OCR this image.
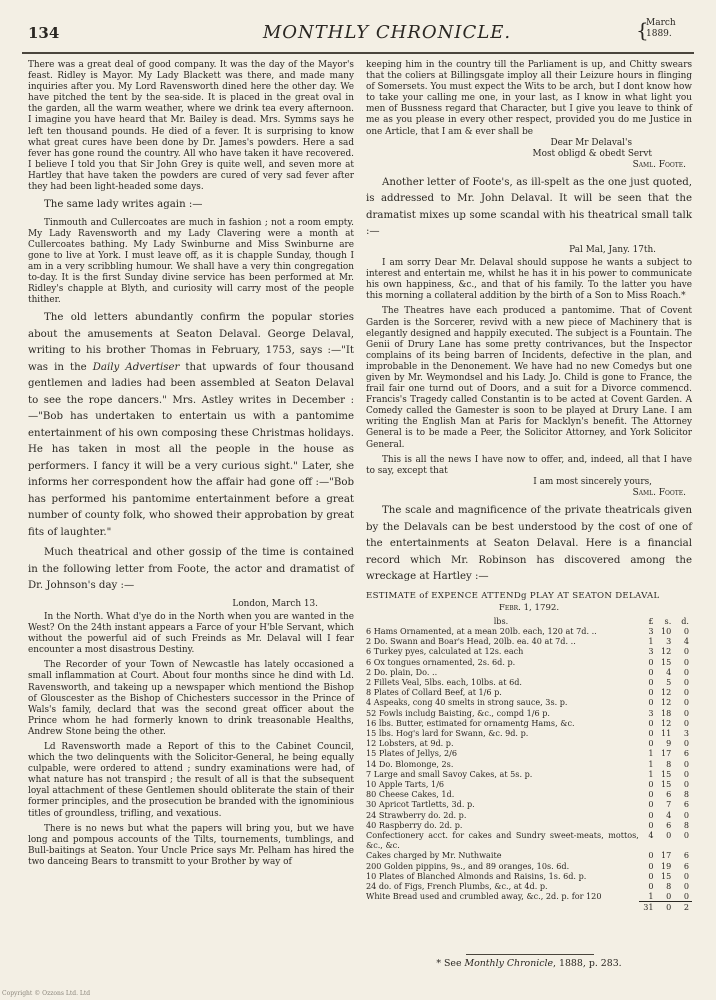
134	MONTHLY CHRONICLE.	{
March
1889.

There was a great deal of good company. It was the day of the Mayor's feast. Ridley is Mayor. My Lady Blackett was there, and made many inquiries after you. My Lord Ravensworth dined here the other day. We have pitched the tent by the sea-side. It is placed in the great oval in the garden, all the warm weather, where we drink tea every afternoon. I imagine you have heard that Mr. Bailey is dead. Mrs. Symms says he left ten thousand pounds. He died of a fever. It is surprising to know what great cures have been done by Dr. James's powders. Here a sad fever has gone round the country. All who have taken it have recovered. I believe I told you that Sir John Grey is quite well, and seven more at Hartley that have taken the powders are cured of very sad fever after they had been light-headed some days.

The same lady writes again :—

Tinmouth and Cullercoates are much in fashion ; not a room empty. My Lady Ravensworth and my Lady Clavering were a month at Cullercoates bathing. My Lady Swinburne and Miss Swinburne are gone to live at York. I must leave off, as it is chapple Sunday, though I am in a very scribbling humour. We shall have a very thin congregation to-day. It is the first Sunday divine service has been performed at Mr. Ridley's chapple at Blyth, and curiosity will carry most of the people thither.

The old letters abundantly confirm the popular stories about the amusements at Seaton Delaval. George Delaval, writing to his brother Thomas in February, 1753, says :—"It was in the Daily Advertiser that upwards of four thousand gentlemen and ladies had been assembled at Seaton Delaval to see the rope dancers." Mrs. Astley writes in December :—"Bob has undertaken to entertain us with a pantomime entertainment of his own composing these Christmas holidays. He has taken in most all the people in the house as performers. I fancy it will be a very curious sight." Later, she informs her correspondent how the affair had gone off :—"Bob has performed his pantomime entertainment before a great number of county folk, who showed their approbation by great fits of laughter."

Much theatrical and other gossip of the time is contained in the following letter from Foote, the actor and dramatist of Dr. Johnson's day :—

London, March 13.

In the North. What d'ye do in the North when you are wanted in the West? On the 24th instant appears a Farce of your H'ble Servant, which without the powerful aid of such Freinds as Mr. Delaval will I fear encounter a most disastrous Destiny.

The Recorder of your Town of Newcastle has lately occasioned a small inflammation at Court. About four months since he dind with Ld. Ravensworth, and takeing up a newspaper which mentiond the Bishop of Glouscester as the Bishop of Chichesters successor in the Prince of Wals's family, declard that was the second great officer about the Prince whom he had formerly known to drink treasonable Healths, Andrew Stone being the other.

Ld Ravensworth made a Report of this to the Cabinet Council, which the two delinquents with the Solicitor-General, he being equally culpable, were ordered to attend ; sundry examinations were had, of what nature has not transpird ; the result of all is that the subsequent loyal attachment of these Gentlemen should obliterate the stain of their former principles, and the prosecution be branded with the ignominious titles of groundless, trifling, and vexatious.

There is no news but what the papers will bring you, but we have long and pompous accounts of the Tilts, tournements, tumblings, and Bull-baitings at Seaton. Your Uncle Price says Mr. Pelham has hired the two danceing Bears to transmitt to your Brother by way of

keeping him in the country till the Parliament is up, and Chitty swears that the coliers at Billingsgate imploy all their Leizure hours in flinging of Somersets. You must expect the Wits to be arch, but I dont know how to take your calling me one, in your last, as I know in what light you men of Bussness regard that Character, but I give you leave to think of me as you please in every other respect, provided you do me Justice in one Article, that I am & ever shall be

Dear Mr Delaval's

Most obligd & obedt Servt

Saml. Foote.

Another letter of Foote's, as ill-spelt as the one just quoted, is addressed to Mr. John Delaval. It will be seen that the dramatist mixes up some scandal with his theatrical small talk :—

Pal Mal, Jany. 17th.

I am sorry Dear Mr. Delaval should suppose he wants a subject to interest and entertain me, whilst he has it in his power to communicate his own happiness, &c., and that of his family. To the latter you have this morning a collateral addition by the birth of a Son to Miss Roach.*

The Theatres have each produced a pantomime. That of Covent Garden is the Sorcerer, revivd with a new piece of Machinery that is elegantly designed and happily executed. The subject is a Fountain. The Genii of Drury Lane has some pretty contrivances, but the Inspector complains of its being barren of Incidents, defective in the plan, and improbable in the Denonement. We have had no new Comedys but one given by Mr. Weymondsel and his Lady. Jo. Child is gone to France, the frail fair one turnd out of Doors, and a suit for a Divorce commencd. Francis's Tragedy called Constantin is to be acted at Covent Garden. A Comedy called the Gamester is soon to be played at Drury Lane. I am writing the English Man at Paris for Macklyn's benefit. The Attorney General is to be made a Peer, the Solicitor Attorney, and York Solicitor General.

This is all the news I have now to offer, and, indeed, all that I have to say, except that

I am most sincerely yours,

Saml. Foote.

The scale and magnificence of the private theatricals given by the Delavals can be best understood by the cost of one of the entertainments at Seaton Delaval. Here is a financial record which Mr. Robinson has discovered among the wreckage at Hartley :—

ESTIMATE of EXPENCE ATTENDg PLAY AT SEATON DELAVAL
Febr. 1, 1792.
lbs.	£	s.	d.
6 Hams Ornamented, at a mean 20lb. each, 120 at 7d. ..	3	10	0
2 Do. Swann and Boar's Head, 20lb. ea. 40 at 7d. ..	1	3	4
6 Turkey pyes, calculated at 12s. each	3	12	0
6 Ox tongues ornamented, 2s. 6d. p.	0	15	0
2 Do. plain, Do. ..	0	4	0
2 Fillets Veal, 5lbs. each, 10lbs. at 6d.	0	5	0
8 Plates of Collard Beef, at 1/6 p.	0	12	0
4 Aspeaks, cong 40 smelts in strong sauce, 3s. p.	0	12	0
52 Fowls includg Baisting, &c., compd 1/6 p.	3	18	0
16 lbs. Butter, estimated for ornamentg Hams, &c.	0	12	0
15 lbs. Hog's lard for Swann, &c. 9d. p.	0	11	3
12 Lobsters, at 9d. p.	0	9	0
15 Plates of Jellys, 2/6	1	17	6
14 Do. Blomonge, 2s.	1	8	0
7 Large and small Savoy Cakes, at 5s. p.	1	15	0
10 Apple Tarts, 1/6	0	15	0
80 Cheese Cakes, 1d.	0	6	8
30 Apricot Tartletts, 3d. p.	0	7	6
24 Strawberry do. 2d. p.	0	4	0
40 Raspberry do. 2d. p.	0	6	8
Confectionery acct. for cakes and Sundry sweet-meats, mottos, &c., &c.	4	0	0
Cakes charged by Mr. Nuthwaite	0	17	6
200 Golden pippins, 9s., and 89 oranges, 10s. 6d.	0	19	6
10 Plates of Blanched Almonds and Raisins, 1s. 6d. p.	0	15	0
24 do. of Figs, French Plumbs, &c., at 4d. p.	0	8	0
White Bread used and crumbled away, &c., 2d. p. for 120	1	0	0
	31	0	2
* See Monthly Chronicle, 1888, p. 283.
Copyright © Ozzons Ltd. Ltd
